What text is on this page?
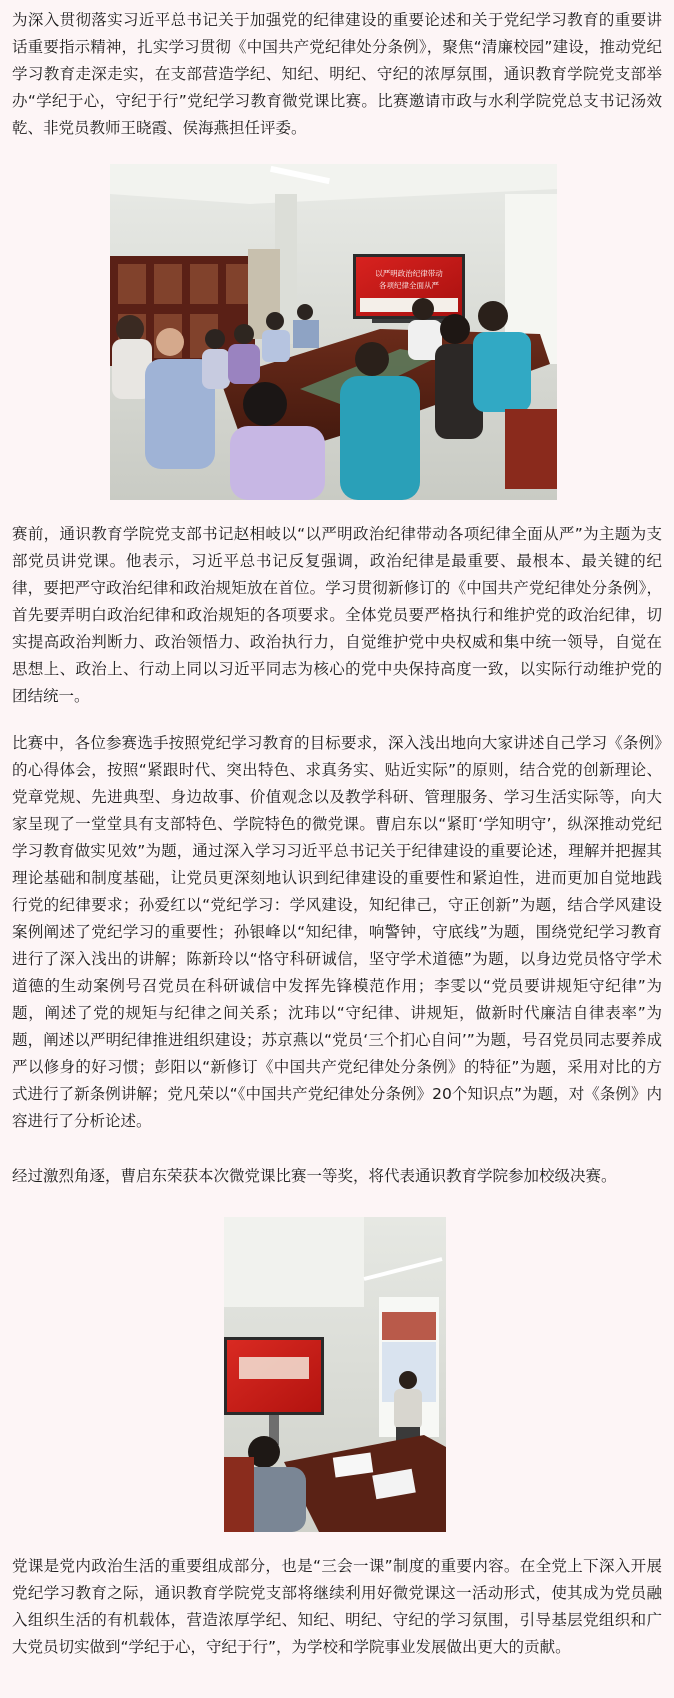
为深入贯彻落实习近平总书记关于加强党的纪律建设的重要论述和关于党纪学习教育的重要讲话重要指示精神，扎实学习贯彻《中国共产党纪律处分条例》，聚焦“清廉校园”建设，推动党纪学习教育走深走实，在支部营造学纪、知纪、明纪、守纪的浓厚氛围，通识教育学院党支部举办“学纪于心，守纪于行”党纪学习教育微党课比赛。比赛邀请市政与水利学院党总支书记汤效乾、非党员教师王晓霞、侯海燕担任评委。

以严明政治纪律带动
各项纪律全面从严

赛前，通识教育学院党支部书记赵相岐以“以严明政治纪律带动各项纪律全面从严”为主题为支部党员讲党课。他表示，习近平总书记反复强调，政治纪律是最重要、最根本、最关键的纪律，要把严守政治纪律和政治规矩放在首位。学习贯彻新修订的《中国共产党纪律处分条例》，首先要弄明白政治纪律和政治规矩的各项要求。全体党员要严格执行和维护党的政治纪律，切实提高政治判断力、政治领悟力、政治执行力，自觉维护党中央权威和集中统一领导，自觉在思想上、政治上、行动上同以习近平同志为核心的党中央保持高度一致，以实际行动维护党的团结统一。

比赛中，各位参赛选手按照党纪学习教育的目标要求，深入浅出地向大家讲述自己学习《条例》的心得体会，按照“紧跟时代、突出特色、求真务实、贴近实际”的原则，结合党的创新理论、党章党规、先进典型、身边故事、价值观念以及教学科研、管理服务、学习生活实际等，向大家呈现了一堂堂具有支部特色、学院特色的微党课。曹启东以“紧盯‘学知明守’，纵深推动党纪学习教育做实见效”为题，通过深入学习习近平总书记关于纪律建设的重要论述，理解并把握其理论基础和制度基础，让党员更深刻地认识到纪律建设的重要性和紧迫性，进而更加自觉地践行党的纪律要求；孙爱红以“党纪学习：学风建设，知纪律己，守正创新”为题，结合学风建设案例阐述了党纪学习的重要性；孙银峰以“知纪律，响警钟，守底线”为题，围绕党纪学习教育进行了深入浅出的讲解；陈新玲以“恪守科研诚信，坚守学术道德”为题，以身边党员恪守学术道德的生动案例号召党员在科研诚信中发挥先锋模范作用；李雯以“党员要讲规矩守纪律”为题，阐述了党的规矩与纪律之间关系；沈玮以“守纪律、讲规矩，做新时代廉洁自律表率”为题，阐述以严明纪律推进组织建设；苏京燕以“党员‘三个扪心自问’”为题，号召党员同志要养成严以修身的好习惯；彭阳以“新修订《中国共产党纪律处分条例》的特征”为题，采用对比的方式进行了新条例讲解；党凡荣以“《中国共产党纪律处分条例》20个知识点”为题，对《条例》内容进行了分析论述。

经过激烈角逐，曹启东荣获本次微党课比赛一等奖，将代表通识教育学院参加校级决赛。

党课是党内政治生活的重要组成部分，也是“三会一课”制度的重要内容。在全党上下深入开展党纪学习教育之际，通识教育学院党支部将继续利用好微党课这一活动形式，使其成为党员融入组织生活的有机载体，营造浓厚学纪、知纪、明纪、守纪的学习氛围，引导基层党组织和广大党员切实做到“学纪于心，守纪于行”，为学校和学院事业发展做出更大的贡献。
